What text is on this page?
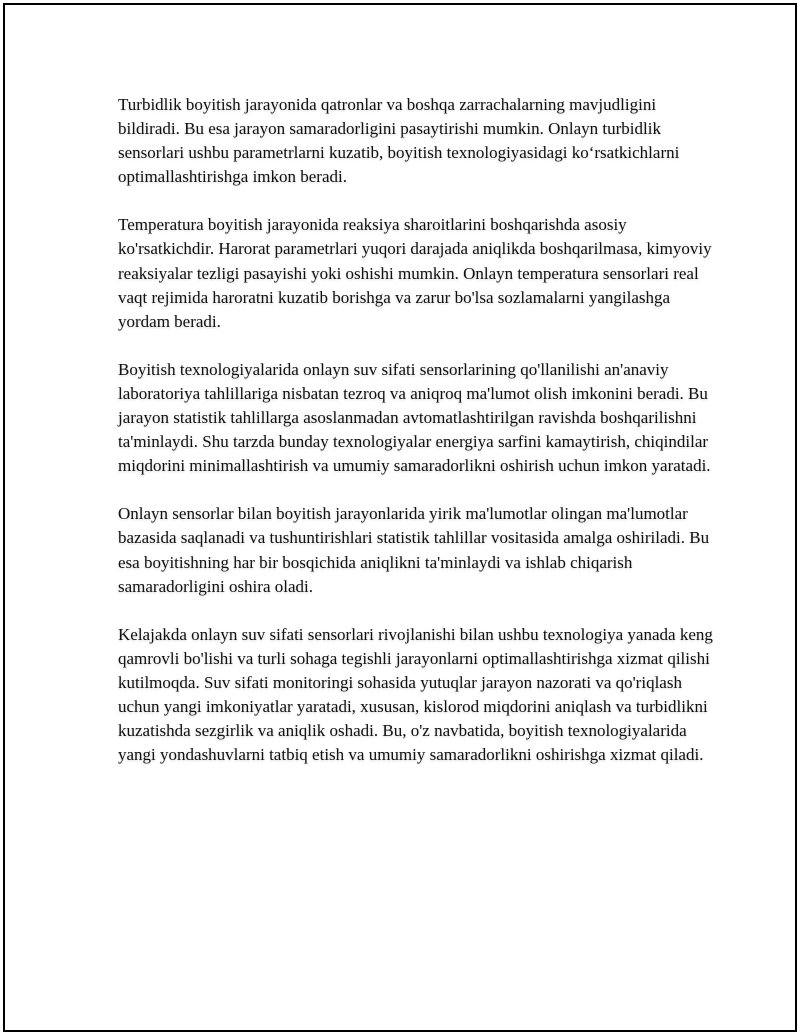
Turbidlik boyitish jarayonida qatronlar va boshqa zarrachalarning mavjudligini bildiradi. Bu esa jarayon samaradorligini pasaytirishi mumkin. Onlayn turbidlik sensorlari ushbu parametrlarni kuzatib, boyitish texnologiyasidagi ko‘rsatkichlarni optimallashtirishga imkon beradi.

Temperatura boyitish jarayonida reaksiya sharoitlarini boshqarishda asosiy ko'rsatkichdir. Harorat parametrlari yuqori darajada aniqlikda boshqarilmasa, kimyoviy reaksiyalar tezligi pasayishi yoki oshishi mumkin. Onlayn temperatura sensorlari real vaqt rejimida haroratni kuzatib borishga va zarur bo'lsa sozlamalarni yangilashga yordam beradi.

Boyitish texnologiyalarida onlayn suv sifati sensorlarining qo'llanilishi an'anaviy laboratoriya tahlillariga nisbatan tezroq va aniqroq ma'lumot olish imkonini beradi. Bu jarayon statistik tahlillarga asoslanmadan avtomatlashtirilgan ravishda boshqarilishni ta'minlaydi. Shu tarzda bunday texnologiyalar energiya sarfini kamaytirish, chiqindilar miqdorini minimallashtirish va umumiy samaradorlikni oshirish uchun imkon yaratadi.

Onlayn sensorlar bilan boyitish jarayonlarida yirik ma'lumotlar olingan ma'lumotlar bazasida saqlanadi va tushuntirishlari statistik tahlillar vositasida amalga oshiriladi. Bu esa boyitishning har bir bosqichida aniqlikni ta'minlaydi va ishlab chiqarish samaradorligini oshira oladi.

Kelajakda onlayn suv sifati sensorlari rivojlanishi bilan ushbu texnologiya yanada keng qamrovli bo'lishi va turli sohaga tegishli jarayonlarni optimallashtirishga xizmat qilishi kutilmoqda. Suv sifati monitoringi sohasida yutuqlar jarayon nazorati va qo'riqlash uchun yangi imkoniyatlar yaratadi, xususan, kislorod miqdorini aniqlash va turbidlikni kuzatishda sezgirlik va aniqlik oshadi. Bu, o'z navbatida, boyitish texnologiyalarida yangi yondashuvlarni tatbiq etish va umumiy samaradorlikni oshirishga xizmat qiladi.
